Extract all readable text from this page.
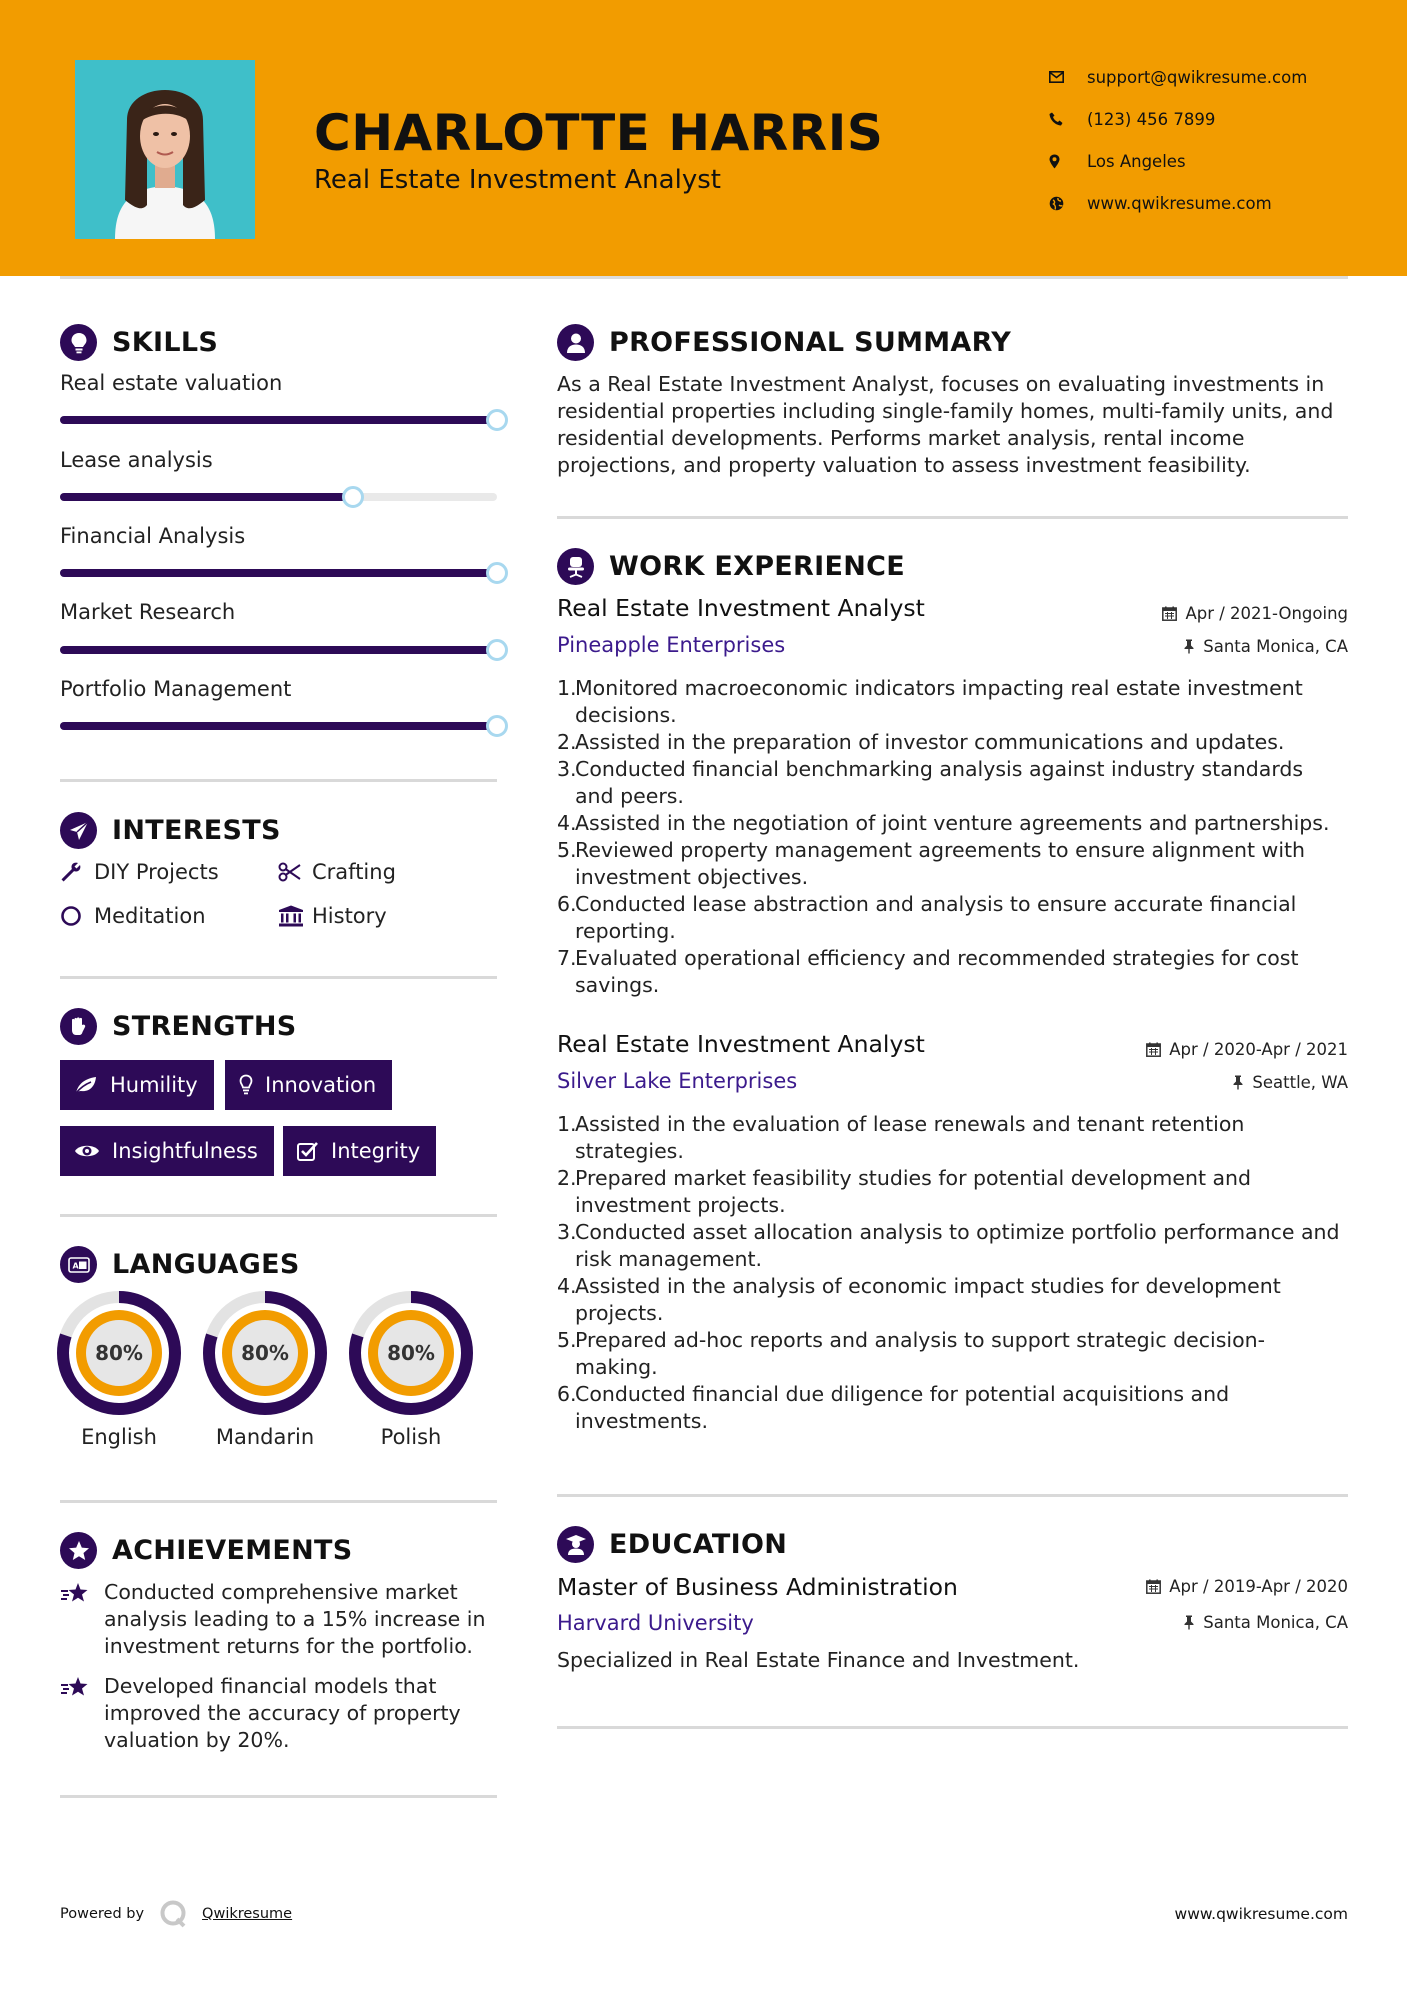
CHARLOTTE HARRIS
Real Estate Investment Analyst
support@qwikresume.com
(123) 456 7899
Los Angeles
www.qwikresume.com
SKILLS
Real estate valuation
Lease analysis
Financial Analysis
Market Research
Portfolio Management
INTERESTS
DIY Projects	Crafting
Meditation	History
STRENGTHS
Humility	Innovation
Insightfulness	Integrity
A LANGUAGES
80%
English
80%
Mandarin
80%
Polish
ACHIEVEMENTS
Conducted comprehensive market analysis leading to a 15% increase in investment returns for the portfolio.
Developed financial models that improved the accuracy of property valuation by 20%.
PROFESSIONAL SUMMARY
As a Real Estate Investment Analyst, focuses on evaluating investments in residential properties including single-family homes, multi-family units, and residential developments. Performs market analysis, rental income projections, and property valuation to assess investment feasibility.
WORK EXPERIENCE
Real Estate Investment Analyst	Apr / 2021-Ongoing
Pineapple Enterprises	Santa Monica, CA
1.
Monitored macroeconomic indicators impacting real estate investment decisions.
2.
Assisted in the preparation of investor communications and updates.
3.
Conducted financial benchmarking analysis against industry standards and peers.
4.
Assisted in the negotiation of joint venture agreements and partnerships.
5.
Reviewed property management agreements to ensure alignment with investment objectives.
6.
Conducted lease abstraction and analysis to ensure accurate financial reporting.
7.
Evaluated operational efficiency and recommended strategies for cost savings.
Real Estate Investment Analyst	Apr / 2020-Apr / 2021
Silver Lake Enterprises	Seattle, WA
1.
Assisted in the evaluation of lease renewals and tenant retention strategies.
2.
Prepared market feasibility studies for potential development and investment projects.
3.
Conducted asset allocation analysis to optimize portfolio performance and risk management.
4.
Assisted in the analysis of economic impact studies for development projects.
5.
Prepared ad-hoc reports and analysis to support strategic decision-making.
6.
Conducted financial due diligence for potential acquisitions and investments.
EDUCATION
Master of Business Administration	Apr / 2019-Apr / 2020
Harvard University	Santa Monica, CA
Specialized in Real Estate Finance and Investment.
Powered by	Qwikresume	www.qwikresume.com
